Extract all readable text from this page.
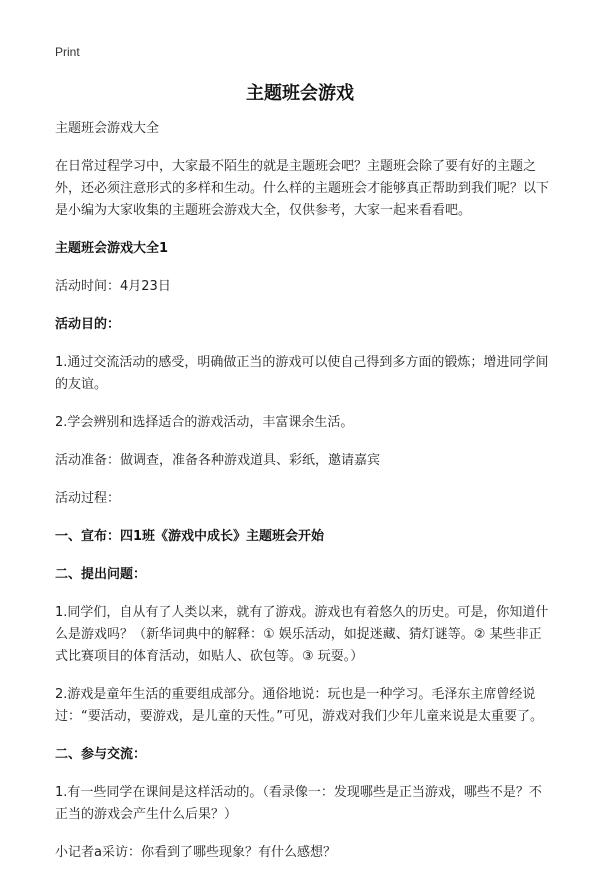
Print
主题班会游戏

主题班会游戏大全

在日常过程学习中，大家最不陌生的就是主题班会吧？主题班会除了要有好的主题之外，还必须注意形式的多样和生动。什么样的主题班会才能够真正帮助到我们呢？以下是小编为大家收集的主题班会游戏大全，仅供参考，大家一起来看看吧。

主题班会游戏大全1

活动时间：4月23日

活动目的：

1.通过交流活动的感受，明确做正当的游戏可以使自己得到多方面的锻炼；增进同学间的友谊。

2.学会辨别和选择适合的游戏活动，丰富课余生活。

活动准备：做调查，准备各种游戏道具、彩纸，邀请嘉宾

活动过程：

一、宣布：四1班《游戏中成长》主题班会开始

二、提出问题：

1.同学们，自从有了人类以来，就有了游戏。游戏也有着悠久的历史。可是，你知道什么是游戏吗？（新华词典中的解释：① 娱乐活动，如捉迷藏、猜灯谜等。② 某些非正式比赛项目的体育活动，如贴人、砍包等。③ 玩耍。）

2.游戏是童年生活的重要组成部分。通俗地说：玩也是一种学习。毛泽东主席曾经说过：“要活动，要游戏，是儿童的天性。”可见，游戏对我们少年儿童来说是太重要了。

二、参与交流：

1.有一些同学在课间是这样活动的。（看录像一：发现哪些是正当游戏，哪些不是？不正当的游戏会产生什么后果？）

小记者a采访：你看到了哪些现象？有什么感想？
